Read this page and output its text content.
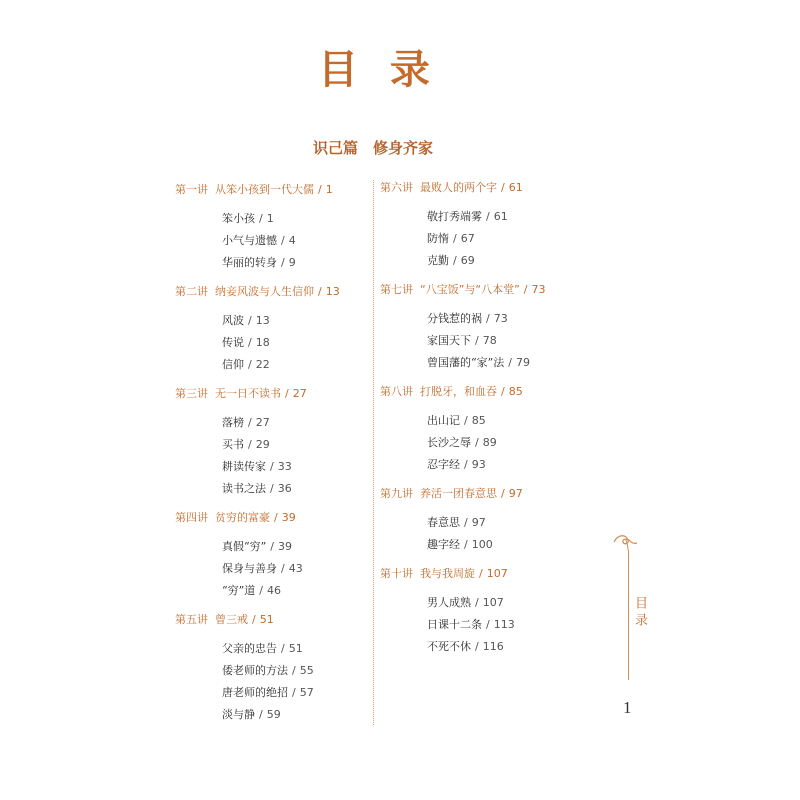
目 录
识己篇　修身齐家
第一讲 从笨小孩到一代大儒 / 1
笨小孩 / 1
小气与遗憾 / 4
华丽的转身 / 9
第二讲 纳妾风波与人生信仰 / 13
风波 / 13
传说 / 18
信仰 / 22
第三讲 无一日不读书 / 27
落榜 / 27
买书 / 29
耕读传家 / 33
读书之法 / 36
第四讲 贫穷的富豪 / 39
真假“穷” / 39
保身与善身 / 43
“穷”道 / 46
第五讲 曾三戒 / 51
父亲的忠告 / 51
倭老师的方法 / 55
唐老师的绝招 / 57
淡与静 / 59
第六讲 最败人的两个字 / 61
敬打秀端雾 / 61
防惰 / 67
克勤 / 69
第七讲 “八宝饭”与“八本堂” / 73
分钱惹的祸 / 73
家国天下 / 78
曾国藩的“家”法 / 79
第八讲 打脱牙，和血吞 / 85
出山记 / 85
长沙之辱 / 89
忍字经 / 93
第九讲 养活一团春意思 / 97
春意思 / 97
趣字经 / 100
第十讲 我与我周旋 / 107
男人成熟 / 107
日课十二条 / 113
不死不休 / 116
目录
1
